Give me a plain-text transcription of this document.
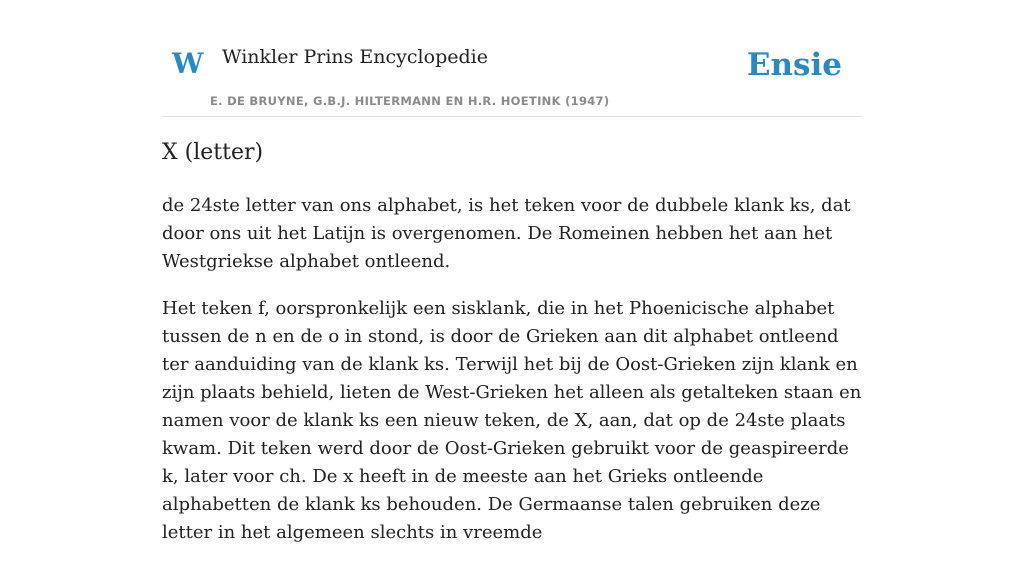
W Winkler Prins Encyclopedie
E. DE BRUYNE, G.B.J. HILTERMANN EN H.R. HOETINK (1947)
Ensie
X (letter)

de 24ste letter van ons alphabet, is het teken voor de dubbele klank ks, dat door ons uit het Latijn is overgenomen. De Romeinen hebben het aan het Westgriekse alphabet ontleend.

Het teken f, oorspronkelijk een sisklank, die in het Phoenicische alphabet tussen de n en de o in stond, is door de Grieken aan dit alphabet ontleend ter aanduiding van de klank ks. Terwijl het bij de Oost-Grieken zijn klank en zijn plaats behield, lieten de West-Grieken het alleen als getalteken staan en namen voor de klank ks een nieuw teken, de X, aan, dat op de 24ste plaats kwam. Dit teken werd door de Oost-Grieken gebruikt voor de geaspireerde k, later voor ch. De x heeft in de meeste aan het Grieks ontleende alphabetten de klank ks behouden. De Germaanse talen gebruiken deze letter in het algemeen slechts in vreemde
